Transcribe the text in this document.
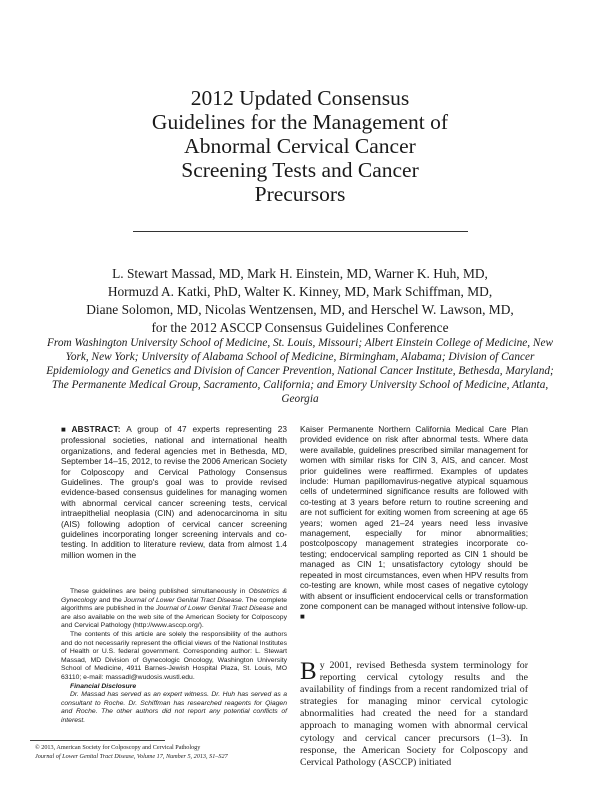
2012 Updated Consensus
Guidelines for the Management of
Abnormal Cervical Cancer
Screening Tests and Cancer
Precursors
L. Stewart Massad, MD, Mark H. Einstein, MD, Warner K. Huh, MD,
Hormuzd A. Katki, PhD, Walter K. Kinney, MD, Mark Schiffman, MD,
Diane Solomon, MD, Nicolas Wentzensen, MD, and Herschel W. Lawson, MD,
for the 2012 ASCCP Consensus Guidelines Conference
From Washington University School of Medicine, St. Louis, Missouri; Albert Einstein College of Medicine, New York, New York; University of Alabama School of Medicine, Birmingham, Alabama; Division of Cancer Epidemiology and Genetics and Division of Cancer Prevention, National Cancer Institute, Bethesda, Maryland; The Permanente Medical Group, Sacramento, California; and Emory University School of Medicine, Atlanta, Georgia
■ ABSTRACT: A group of 47 experts representing 23 professional societies, national and international health organizations, and federal agencies met in Bethesda, MD, September 14–15, 2012, to revise the 2006 American Society for Colposcopy and Cervical Pathology Consensus Guidelines. The group's goal was to provide revised evidence-based consensus guidelines for managing women with abnormal cervical cancer screening tests, cervical intraepithelial neoplasia (CIN) and adenocarcinoma in situ (AIS) following adoption of cervical cancer screening guidelines incorporating longer screening intervals and co-testing. In addition to literature review, data from almost 1.4 million women in the
Kaiser Permanente Northern California Medical Care Plan provided evidence on risk after abnormal tests. Where data were available, guidelines prescribed similar management for women with similar risks for CIN 3, AIS, and cancer. Most prior guidelines were reaffirmed. Examples of updates include: Human papillomavirus-negative atypical squamous cells of undetermined significance results are followed with co-testing at 3 years before return to routine screening and are not sufficient for exiting women from screening at age 65 years; women aged 21–24 years need less invasive management, especially for minor abnormalities; postcolposcopy management strategies incorporate co-testing; endocervical sampling reported as CIN 1 should be managed as CIN 1; unsatisfactory cytology should be repeated in most circumstances, even when HPV results from co-testing are known, while most cases of negative cytology with absent or insufficient endocervical cells or transformation zone component can be managed without intensive follow-up. ■

These guidelines are being published simultaneously in Obstetrics & Gynecology and the Journal of Lower Genital Tract Disease. The complete algorithms are published in the Journal of Lower Genital Tract Disease and are also available on the web site of the American Society for Colposcopy and Cervical Pathology (http://www.asccp.org/).

The contents of this article are solely the responsibility of the authors and do not necessarily represent the official views of the National Institutes of Health or U.S. federal government. Corresponding author: L. Stewart Massad, MD Division of Gynecologic Oncology, Washington University School of Medicine, 4911 Barnes-Jewish Hospital Plaza, St. Louis, MO 63110; e-mail: massadl@wudosis.wustl.edu.

Financial Disclosure

Dr. Massad has served as an expert witness. Dr. Huh has served as a consultant to Roche. Dr. Schiffman has researched reagents for Qiagen and Roche. The other authors did not report any potential conflicts of interest.

© 2013, American Society for Colposcopy and Cervical Pathology
Journal of Lower Genital Tract Disease, Volume 17, Number 5, 2013, S1–S27
By 2001, revised Bethesda system terminology for reporting cervical cytology results and the availability of findings from a recent randomized trial of strategies for managing minor cervical cytologic abnormalities had created the need for a standard approach to managing women with abnormal cervical cytology and cervical cancer precursors (1–3). In response, the American Society for Colposcopy and Cervical Pathology (ASCCP) initiated
